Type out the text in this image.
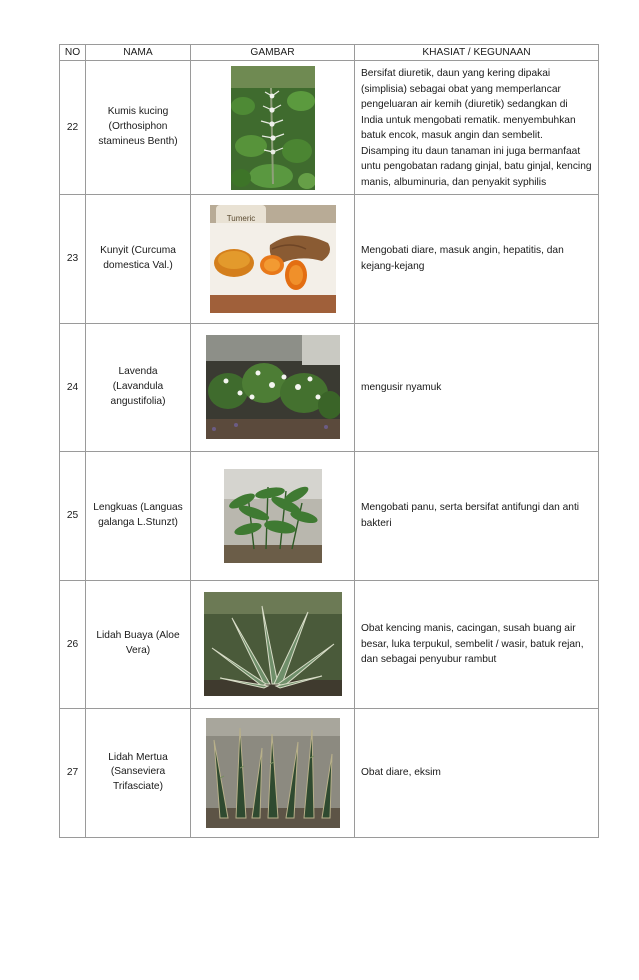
NO	NAMA	GAMBAR	KHASIAT / KEGUNAAN
22	Kumis kucing (Orthosiphon stamineus Benth)		Bersifat diuretik, daun yang kering dipakai (simplisia) sebagai obat yang memperlancar pengeluaran air kemih (diuretik) sedangkan di India untuk mengobati rematik. menyembuhkan batuk encok, masuk angin dan sembelit. Disamping itu daun tanaman ini juga bermanfaat untu pengobatan radang ginjal, batu ginjal, kencing manis, albuminuria, dan penyakit syphilis
23	Kunyit (Curcuma domestica Val.)	Tumeric	Mengobati diare, masuk angin, hepatitis, dan kejang-kejang
24	Lavenda (Lavandula angustifolia)		mengusir nyamuk
25	Lengkuas (Languas galanga L.Stunzt)		Mengobati panu, serta bersifat antifungi dan anti bakteri
26	Lidah Buaya (Aloe Vera)		Obat kencing manis, cacingan, susah buang air besar, luka terpukul, sembelit / wasir, batuk rejan, dan sebagai penyubur rambut
27	Lidah Mertua (Sanseviera Trifasciate)		Obat diare, eksim
